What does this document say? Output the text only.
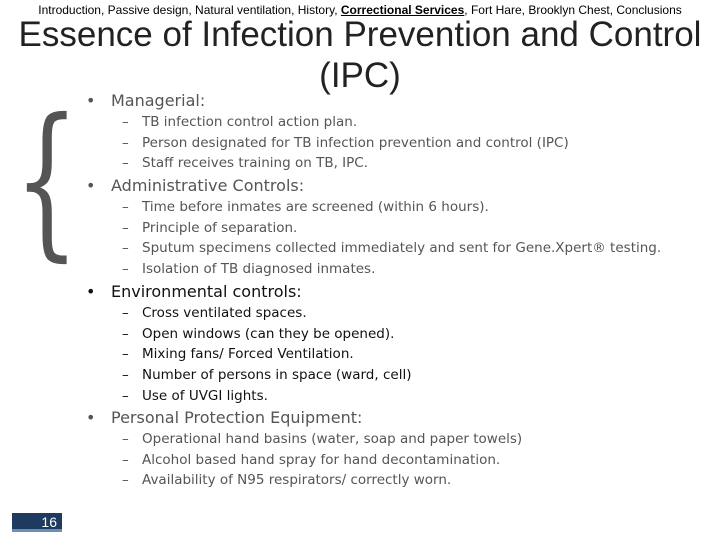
Introduction, Passive design, Natural ventilation, History, Correctional Services, Fort Hare, Brooklyn Chest, Conclusions
Essence of Infection Prevention and Control
(IPC)
{ • Managerial:
– TB infection control action plan.
– Person designated for TB infection prevention and control (IPC)
– Staff receives training on TB, IPC.
• Administrative Controls:
– Time before inmates are screened (within 6 hours).
– Principle of separation.
– Sputum specimens collected immediately and sent for Gene.Xpert® testing.
– Isolation of TB diagnosed inmates.
• Environmental controls:
– Cross ventilated spaces.
– Open windows (can they be opened).
– Mixing fans/ Forced Ventilation.
– Number of persons in space (ward, cell)
– Use of UVGI lights.
• Personal Protection Equipment:
– Operational hand basins (water, soap and paper towels)
– Alcohol based hand spray for hand decontamination.
– Availability of N95 respirators/ correctly worn.
16
